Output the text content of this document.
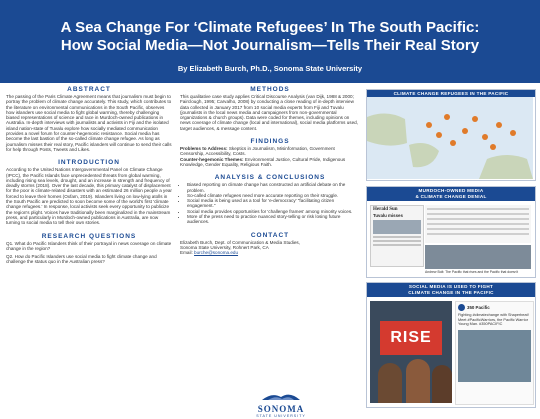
A Sea Change For ‘Climate Refugees’ In The South Pacific:
How Social Media—Not Journalism—Tells Their Real Story
By Elizabeth Burch, Ph.D., Sonoma State University
ABSTRACT

The passing of the Paris Climate Agreement means that journalism must begin to portray the problem of climate change accurately. This study, which contributes to the literature on environmental communications in the South Pacific, observes how islanders use social media to fight global warming, thereby challenging biased representations of science and race in Murdoch-owned publications in Australia. In-depth interviews with journalists and activists in Fiji and the isolated island nation-state of Tuvalu explore how socially mediated communication provides a novel forum for counter-hegemonic resistance. Social media has become the last bastion of the so-called climate change refugee. As long as journalism misses their real story, Pacific islanders will continue to send their calls for help through Posts, Tweets and Likes.

INTRODUCTION

According to the United Nations Intergovernmental Panel on Climate Change (IPCC), the Pacific Islands face unprecedented threats from global warming, including rising sea levels, drought, and an increase in strength and frequency of deadly storms (2018). Over the last decade, this primary catalyst of displacement for the poor is climate-related disasters with an estimated 26 million people a year forced to leave their homes (Oxfam, 2019). Islanders living on low-lying atolls in the South Pacific are predicted to soon become some of the world's first 'climate change refugees.' In response, local activists seek every opportunity to publicize the region's plight. Voices have traditionally been marginalized in the mainstream press, and particularly in Murdoch-owned publications in Australia, are now turning to social media to tell their own stories.

RESEARCH QUESTIONS

Q1. What do Pacific Islanders think of their portrayal in news coverage on climate change in the region?

Q2. How do Pacific Islanders use social media to fight climate change and challenge the status quo in the Australian press?

METHODS

This qualitative case study applies Critical Discourse Analysis (van Dijk, 1988 & 2000; Fairclough, 1995; Carvalho, 2008) by conducting a close reading of in-depth interview data collected in January 2017 from 10 social media experts from Fiji and Tuvalu (journalists in the local news media and campaigners from non-governmental organizations & church groups). Data were coded for themes, including opinions on news coverage of climate change (local and international), social media platforms used, target audiences, & message content.

FINDINGS

Problems to Address: Skeptics in Journalism, Misinformation, Government Censorship, Accessibility, Costs.

Counter-hegemonic Themes: Environmental Justice, Cultural Pride, Indigenous Knowledge, Gender Equality, Religious Faith.

ANALYSIS & CONCLUSIONS
• Biased reporting on climate change has constructed an artificial debate on the problem.
• So-called climate refugees need more accurate reporting on their struggle.
• Social media is being used as a tool for 'e-democracy' "facilitating citizen engagement."
• Social media provides opportunities for 'challenge frames' among minority voices.
• More of the press need to practice nuanced story-telling or risk losing future audiences.
CONTACT

Elizabeth Burch, Dept. of Communication & Media Studies,

Sonoma State University, Rohnert Park, CA

Email: burche@sonoma.edu

SONOMA
STATE UNIVERSITY
CLIMATE CHANGE REFUGEES IN THE PACIFIC
MURDOCH-OWNED MEDIA
& CLIMATE CHANGE DENIAL
Herald Sun
Tuvalu misses
Andrew Bolt: The Pacific that rises and the Pacific that doesn't
SOCIAL MEDIA IS USED TO FIGHT
CLIMATE CHANGE IN THE PACIFIC
RISE
350 Pacific
Fighting #climatechange with Shaperbeat! Meet #PacificWarriors, the Pacific Warrior Young Man. #350PACIFIC
